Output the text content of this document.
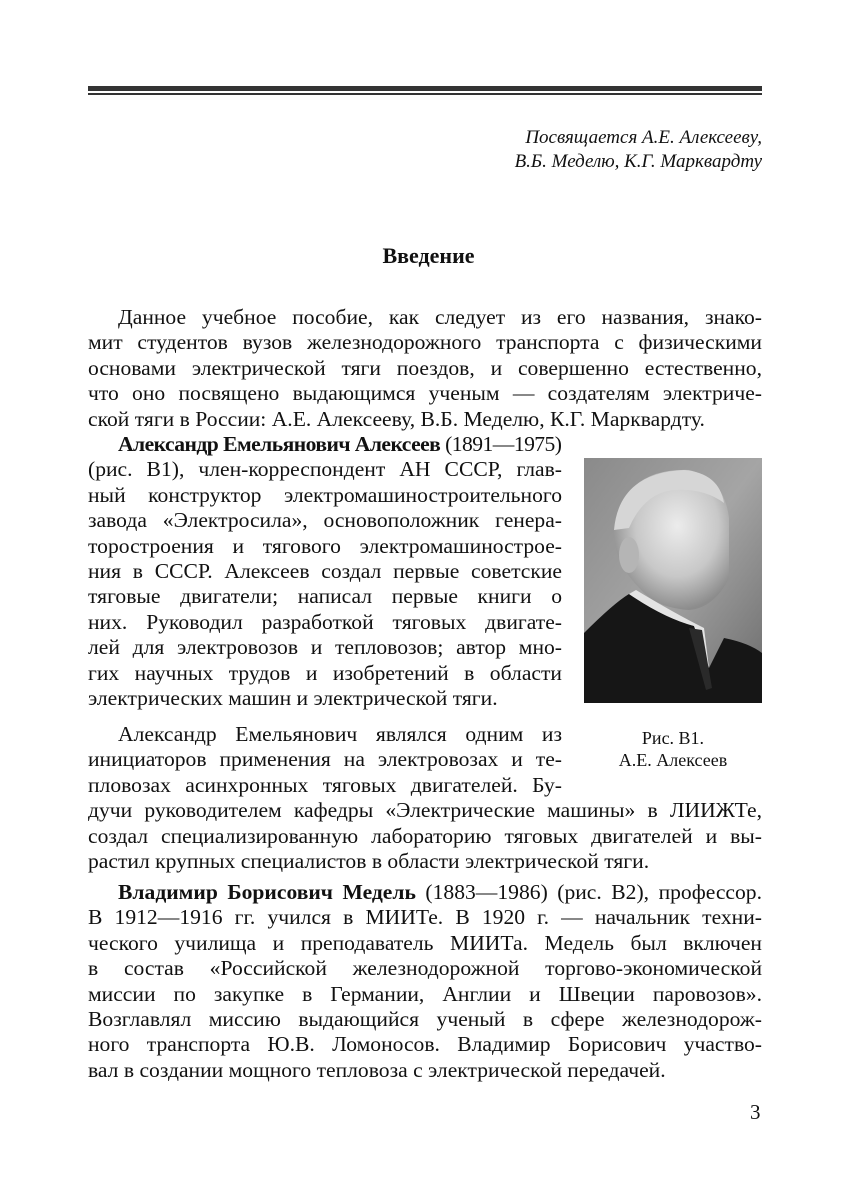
Посвящается А.Е. Алексееву,
В.Б. Меделю, К.Г. Марквардту
Введение
Данное учебное пособие, как следует из его названия, знако-
мит студентов вузов железнодорожного транспорта с физическими
основами электрической тяги поездов, и совершенно естественно,
что оно посвящено выдающимся ученым — создателям электриче-
ской тяги в России: А.Е. Алексееву, В.Б. Меделю, К.Г. Марквардту.
Александр Емельянович Алексеев (1891—1975)
(рис. В1), член-корреспондент АН СССР, глав-
ный конструктор электромашиностроительного
завода «Электросила», основоположник генера-
торостроения и тягового электромашинострое-
ния в СССР. Алексеев создал первые советские
тяговые двигатели; написал первые книги о
них. Руководил разработкой тяговых двигате-
лей для электровозов и тепловозов; автор мно-
гих научных трудов и изобретений в области
электрических машин и электрической тяги.
Александр Емельянович являлся одним из
инициаторов применения на электровозах и те-
пловозах асинхронных тяговых двигателей. Бу-
дучи руководителем кафедры «Электрические машины» в ЛИИЖТе,
создал специализированную лабораторию тяговых двигателей и вы-
растил крупных специалистов в области электрической тяги.
Владимир Борисович Медель (1883—1986) (рис. В2), профессор.
В 1912—1916 гг. учился в МИИТе. В 1920 г. — начальник техни-
ческого училища и преподаватель МИИТа. Медель был включен
в состав «Российской железнодорожной торгово-экономической
миссии по закупке в Германии, Англии и Швеции паровозов».
Возглавлял миссию выдающийся ученый в сфере железнодорож-
ного транспорта Ю.В. Ломоносов. Владимир Борисович участво-
вал в создании мощного тепловоза с электрической передачей.
Рис. В1.
А.Е. Алексеев
3
